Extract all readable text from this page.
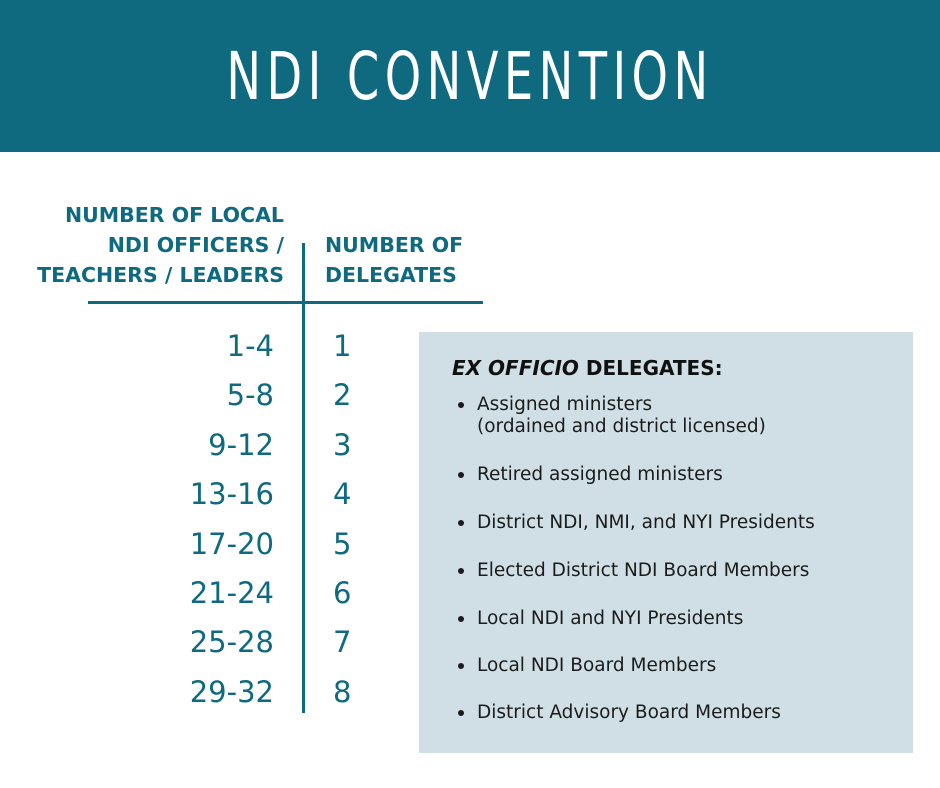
NDI CONVENTION
NUMBER OF LOCAL
NDI OFFICERS /
TEACHERS / LEADERS
NUMBER OF
DELEGATES
1-4 1
5-8 2
9-12 3
13-16 4
17-20 5
21-24 6
25-28 7
29-32 8
EX OFFICIO DELEGATES:
Assigned ministers
(ordained and district licensed)
Retired assigned ministers
District NDI, NMI, and NYI Presidents
Elected District NDI Board Members
Local NDI and NYI Presidents
Local NDI Board Members
District Advisory Board Members
